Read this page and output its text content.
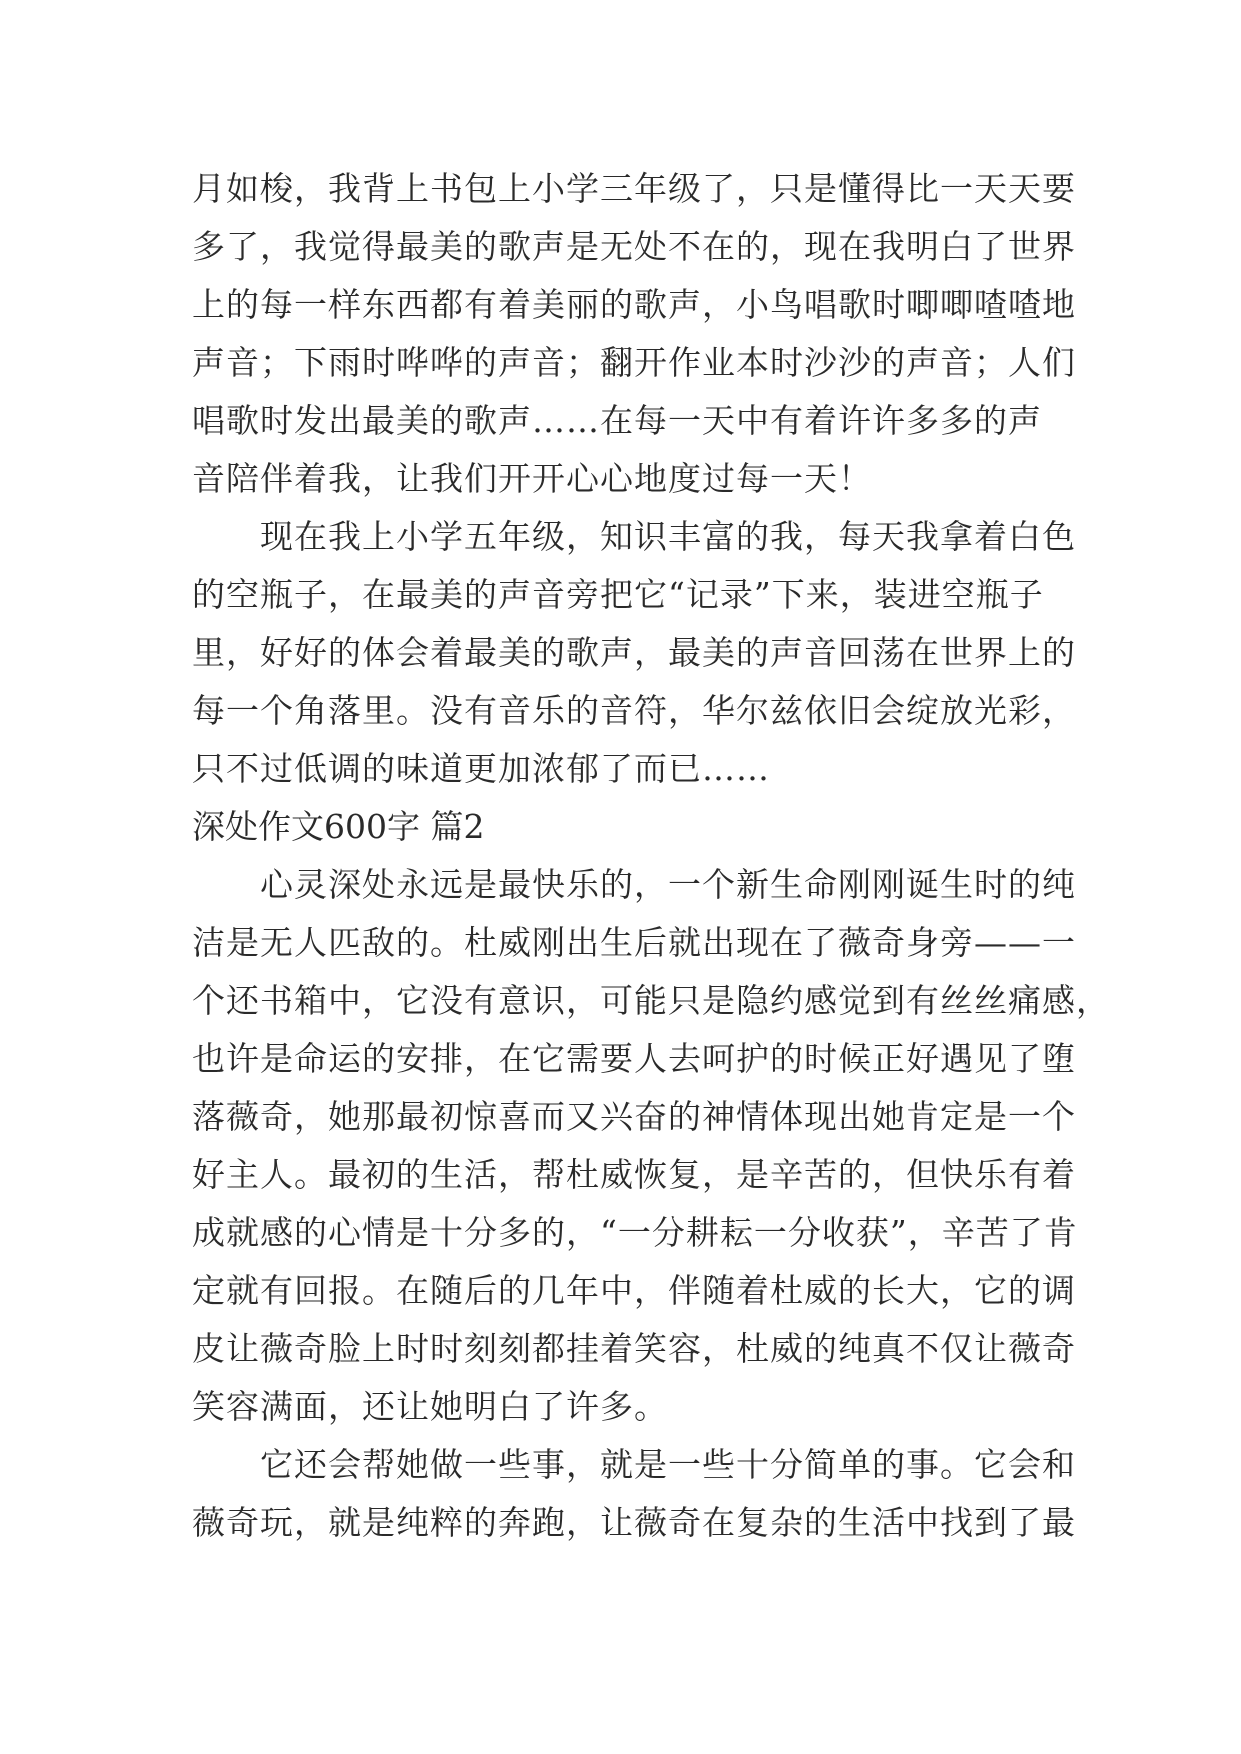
月如梭，我背上书包上小学三年级了，只是懂得比一天天要
多了，我觉得最美的歌声是无处不在的，现在我明白了世界
上的每一样东西都有着美丽的歌声，小鸟唱歌时唧唧喳喳地
声音；下雨时哗哗的声音；翻开作业本时沙沙的声音；人们
唱歌时发出最美的歌声……在每一天中有着许许多多的声
音陪伴着我，让我们开开心心地度过每一天！
　　现在我上小学五年级，知识丰富的我，每天我拿着白色
的空瓶子，在最美的声音旁把它“记录”下来，装进空瓶子
里，好好的体会着最美的歌声，最美的声音回荡在世界上的
每一个角落里。没有音乐的音符，华尔兹依旧会绽放光彩，
只不过低调的味道更加浓郁了而已……
深处作文600字 篇2
　　心灵深处永远是最快乐的，一个新生命刚刚诞生时的纯
洁是无人匹敌的。杜威刚出生后就出现在了薇奇身旁——一
个还书箱中，它没有意识，可能只是隐约感觉到有丝丝痛感，
也许是命运的安排，在它需要人去呵护的时候正好遇见了堕
落薇奇，她那最初惊喜而又兴奋的神情体现出她肯定是一个
好主人。最初的生活，帮杜威恢复，是辛苦的，但快乐有着
成就感的心情是十分多的，“一分耕耘一分收获”，辛苦了肯
定就有回报。在随后的几年中，伴随着杜威的长大，它的调
皮让薇奇脸上时时刻刻都挂着笑容，杜威的纯真不仅让薇奇
笑容满面，还让她明白了许多。
　　它还会帮她做一些事，就是一些十分简单的事。它会和
薇奇玩，就是纯粹的奔跑，让薇奇在复杂的生活中找到了最
